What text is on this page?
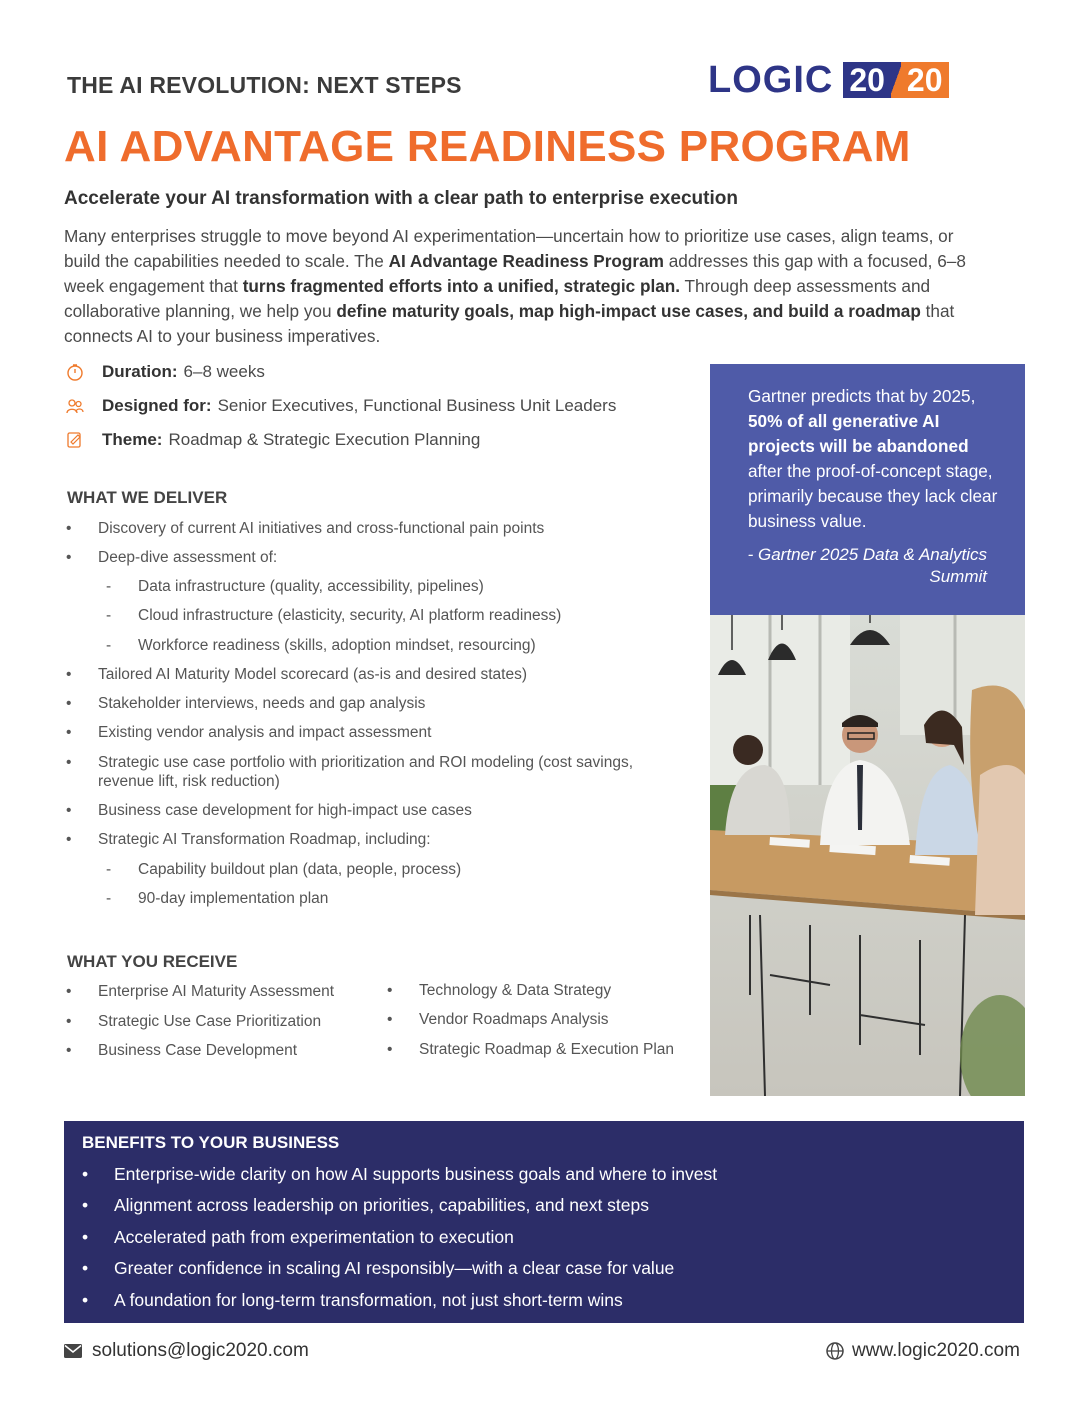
THE AI REVOLUTION: NEXT STEPS	LOGIC 20 20
AI ADVANTAGE READINESS PROGRAM
Accelerate your AI transformation with a clear path to enterprise execution
Many enterprises struggle to move beyond AI experimentation—uncertain how to prioritize use cases, align teams, or build the capabilities needed to scale. The AI Advantage Readiness Program addresses this gap with a focused, 6–8 week engagement that turns fragmented efforts into a unified, strategic plan. Through deep assessments and collaborative planning, we help you define maturity goals, map high-impact use cases, and build a roadmap that connects AI to your business imperatives.
Duration: 6–8 weeks
Designed for: Senior Executives, Functional Business Unit Leaders
Theme: Roadmap & Strategic Execution Planning
WHAT WE DELIVER
• Discovery of current AI initiatives and cross-functional pain points
• Deep-dive assessment of:
- Data infrastructure (quality, accessibility, pipelines)
- Cloud infrastructure (elasticity, security, AI platform readiness)
- Workforce readiness (skills, adoption mindset, resourcing)
• Tailored AI Maturity Model scorecard (as-is and desired states)
• Stakeholder interviews, needs and gap analysis
• Existing vendor analysis and impact assessment
• Strategic use case portfolio with prioritization and ROI modeling (cost savings, revenue lift, risk reduction)
• Business case development for high-impact use cases
• Strategic AI Transformation Roadmap, including:
- Capability buildout plan (data, people, process)
- 90-day implementation plan
WHAT YOU RECEIVE
• Enterprise AI Maturity Assessment
• Strategic Use Case Prioritization
• Business Case Development
• Technology & Data Strategy
• Vendor Roadmaps Analysis
• Strategic Roadmap & Execution Plan
Gartner predicts that by 2025, 50% of all generative AI projects will be abandoned after the proof-of-concept stage, primarily because they lack clear business value.
- Gartner 2025 Data & Analytics Summit
BENEFITS TO YOUR BUSINESS
• Enterprise-wide clarity on how AI supports business goals and where to invest
• Alignment across leadership on priorities, capabilities, and next steps
• Accelerated path from experimentation to execution
• Greater confidence in scaling AI responsibly—with a clear case for value
• A foundation for long-term transformation, not just short-term wins
solutions@logic2020.com	www.logic2020.com
